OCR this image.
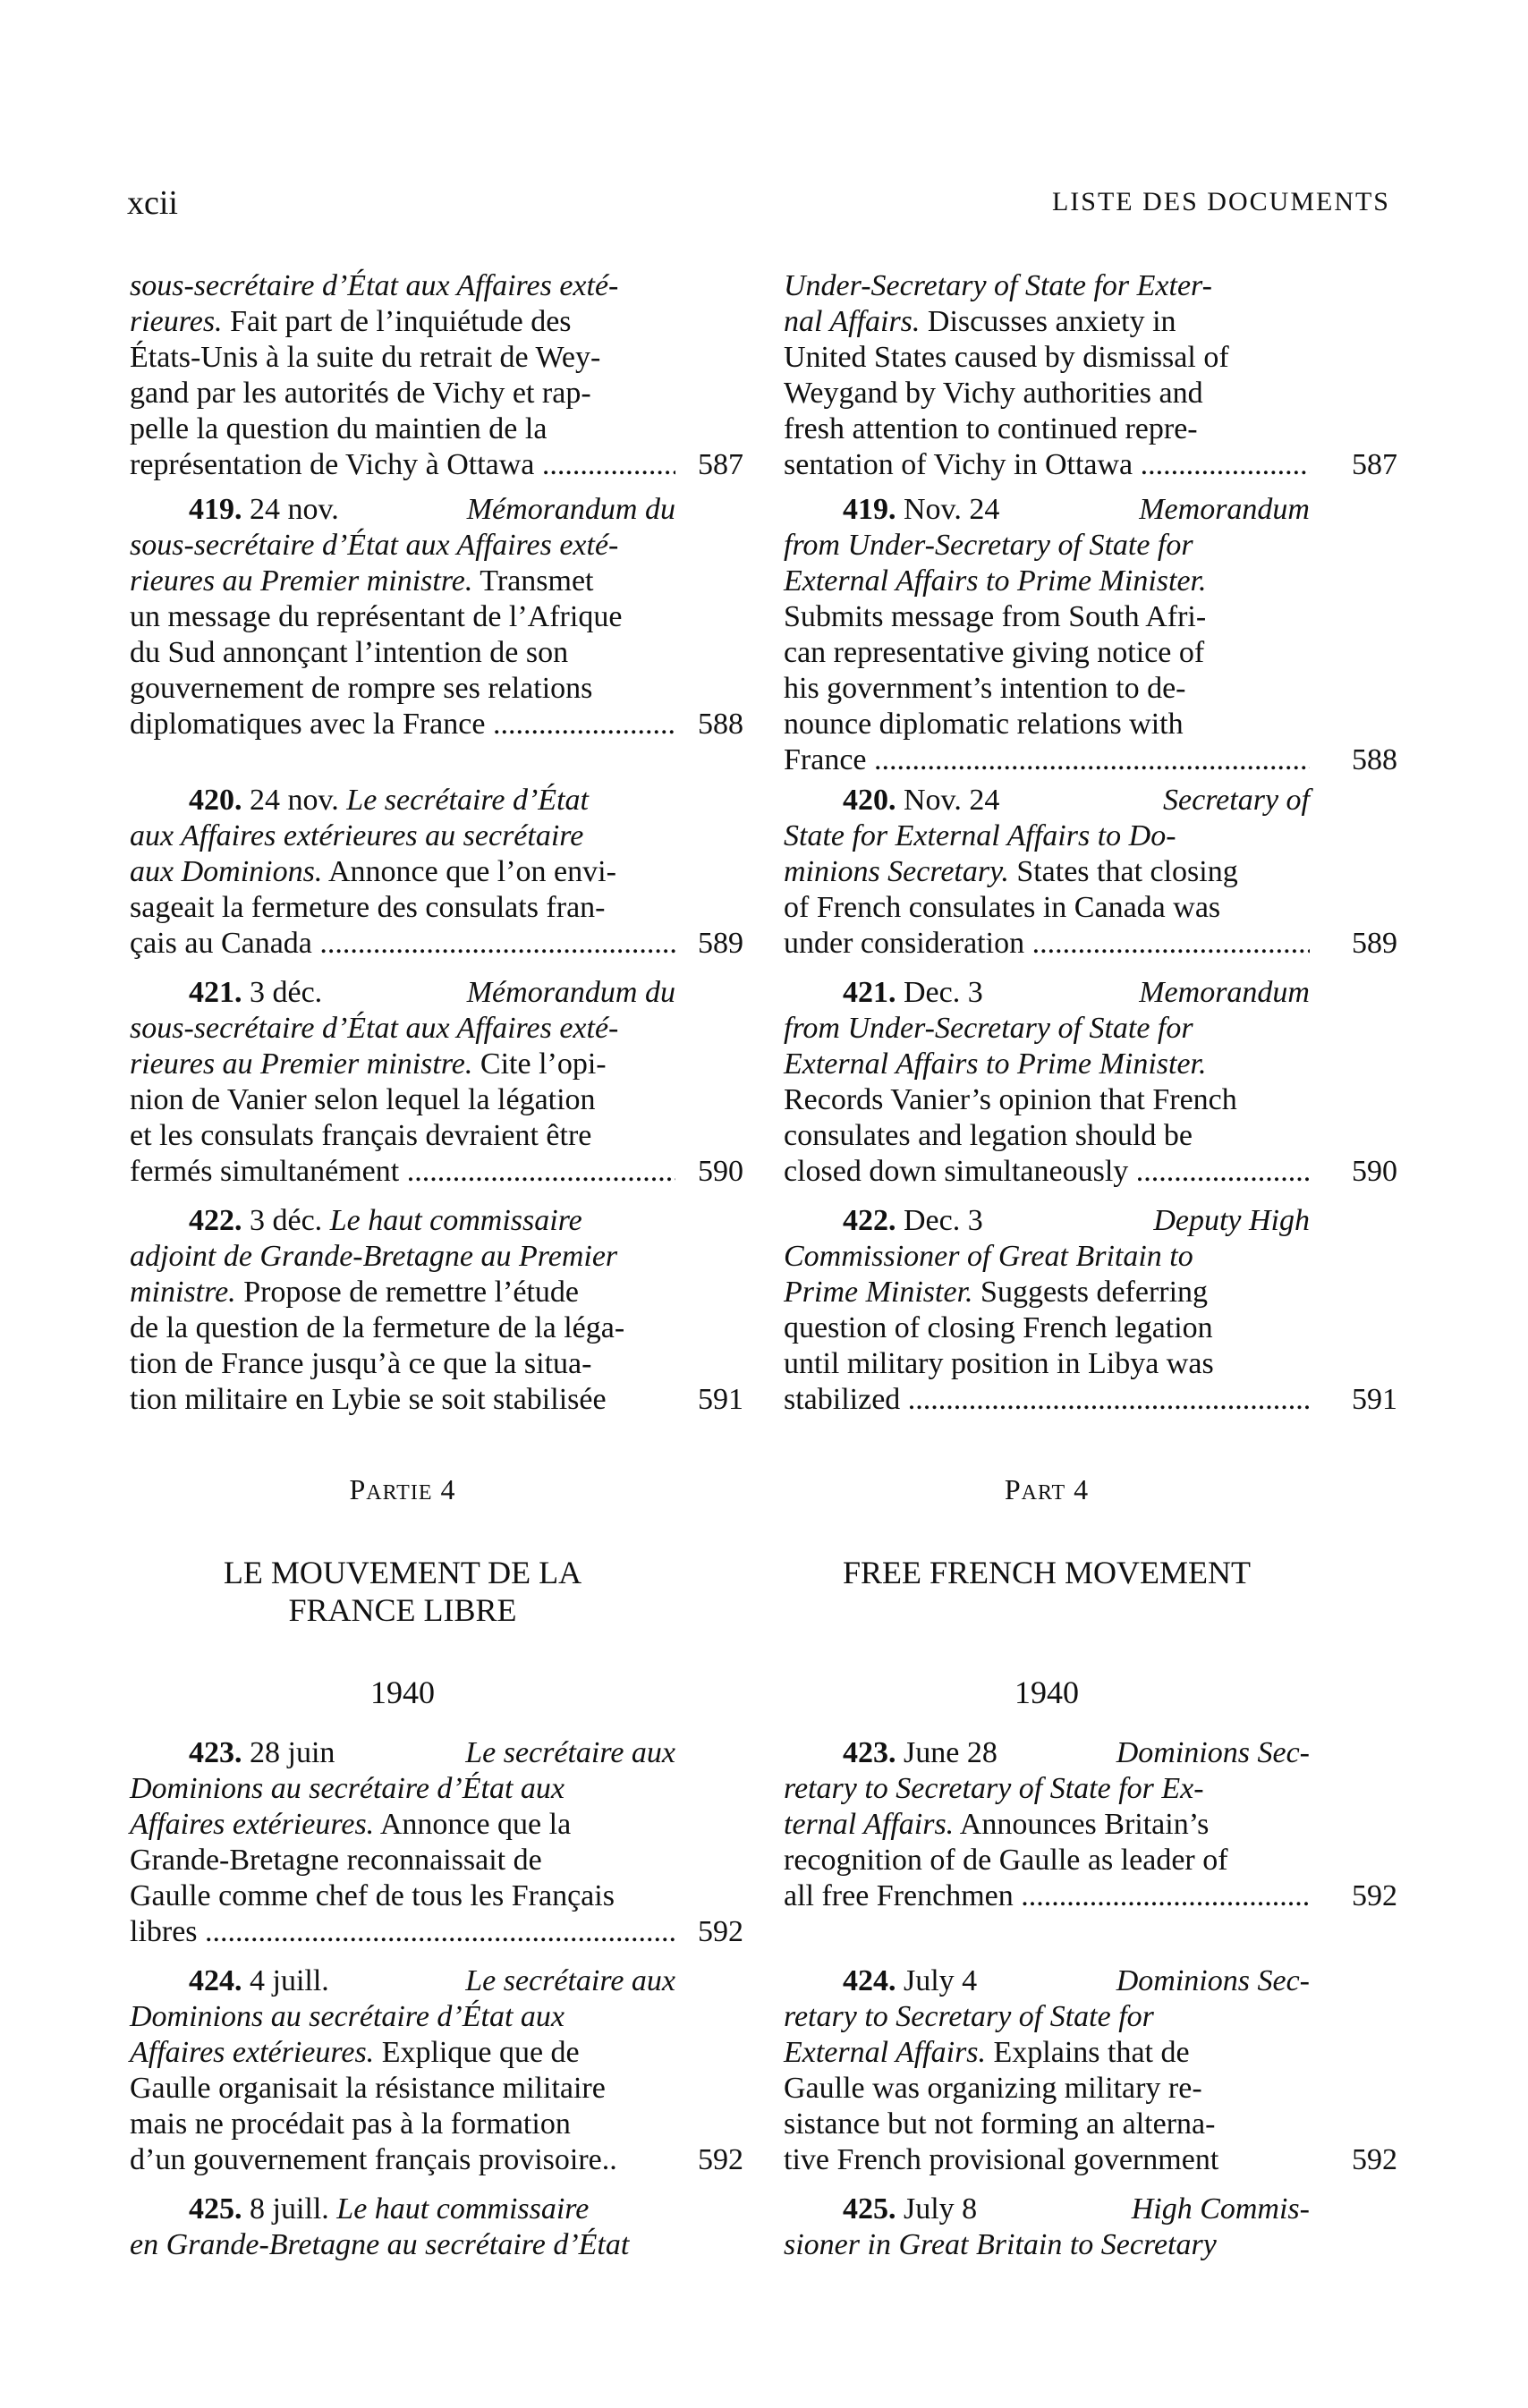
xcii	LISTE DES DOCUMENTS
sous-secrétaire d’État aux Affaires exté-
rieures. Fait part de l’inquiétude des
États-Unis à la suite du retrait de Wey-
gand par les autorités de Vichy et rap-
pelle la question du maintien de la
représentation de Vichy à Ottawa .....	587
419. 24 nov.	Mémorandum du
sous-secrétaire d’État aux Affaires exté-
rieures au Premier ministre. Transmet
un message du représentant de l’Afrique
du Sud annonçant l’intention de son
gouvernement de rompre ses relations
diplomatiques avec la France .....	588
420. 24 nov. Le secrétaire d’État
aux Affaires extérieures au secrétaire
aux Dominions. Annonce que l’on envi-
sageait la fermeture des consulats fran-
çais au Canada .....	589
421. 3 déc.	Mémorandum du
sous-secrétaire d’État aux Affaires exté-
rieures au Premier ministre. Cite l’opi-
nion de Vanier selon lequel la légation
et les consulats français devraient être
fermés simultanément .....	590
422. 3 déc. Le haut commissaire
adjoint de Grande-Bretagne au Premier
ministre. Propose de remettre l’étude
de la question de la fermeture de la léga-
tion de France jusqu’à ce que la situa-
tion militaire en Lybie se soit stabilisée	591
PARTIE 4
LE MOUVEMENT DE LA
FRANCE LIBRE
1940
423. 28 juin	Le secrétaire aux
Dominions au secrétaire d’État aux
Affaires extérieures. Annonce que la
Grande-Bretagne reconnaissait de
Gaulle comme chef de tous les Français
libres .....	592
424. 4 juill.	Le secrétaire aux
Dominions au secrétaire d’État aux
Affaires extérieures. Explique que de
Gaulle organisait la résistance militaire
mais ne procédait pas à la formation
d’un gouvernement français provisoire..	592
425. 8 juill. Le haut commissaire
en Grande-Bretagne au secrétaire d’État
Under-Secretary of State for Exter-
nal Affairs. Discusses anxiety in
United States caused by dismissal of
Weygand by Vichy authorities and
fresh attention to continued repre-
sentation of Vichy in Ottawa .....	587
419. Nov. 24	Memorandum
from Under-Secretary of State for
External Affairs to Prime Minister.
Submits message from South Afri-
can representative giving notice of
his government’s intention to de-
nounce diplomatic relations with
France .....	588
420. Nov. 24	Secretary of
State for External Affairs to Do-
minions Secretary. States that closing
of French consulates in Canada was
under consideration .....	589
421. Dec. 3	Memorandum
from Under-Secretary of State for
External Affairs to Prime Minister.
Records Vanier’s opinion that French
consulates and legation should be
closed down simultaneously .....	590
422. Dec. 3	Deputy High
Commissioner of Great Britain to
Prime Minister. Suggests deferring
question of closing French legation
until military position in Libya was
stabilized .....	591
PART 4
FREE FRENCH MOVEMENT
1940
423. June 28	Dominions Sec-
retary to Secretary of State for Ex-
ternal Affairs. Announces Britain’s
recognition of de Gaulle as leader of
all free Frenchmen .....	592
424. July 4	Dominions Sec-
retary to Secretary of State for
External Affairs. Explains that de
Gaulle was organizing military re-
sistance but not forming an alterna-
tive French provisional government	592
425. July 8	High Commis-
sioner in Great Britain to Secretary
